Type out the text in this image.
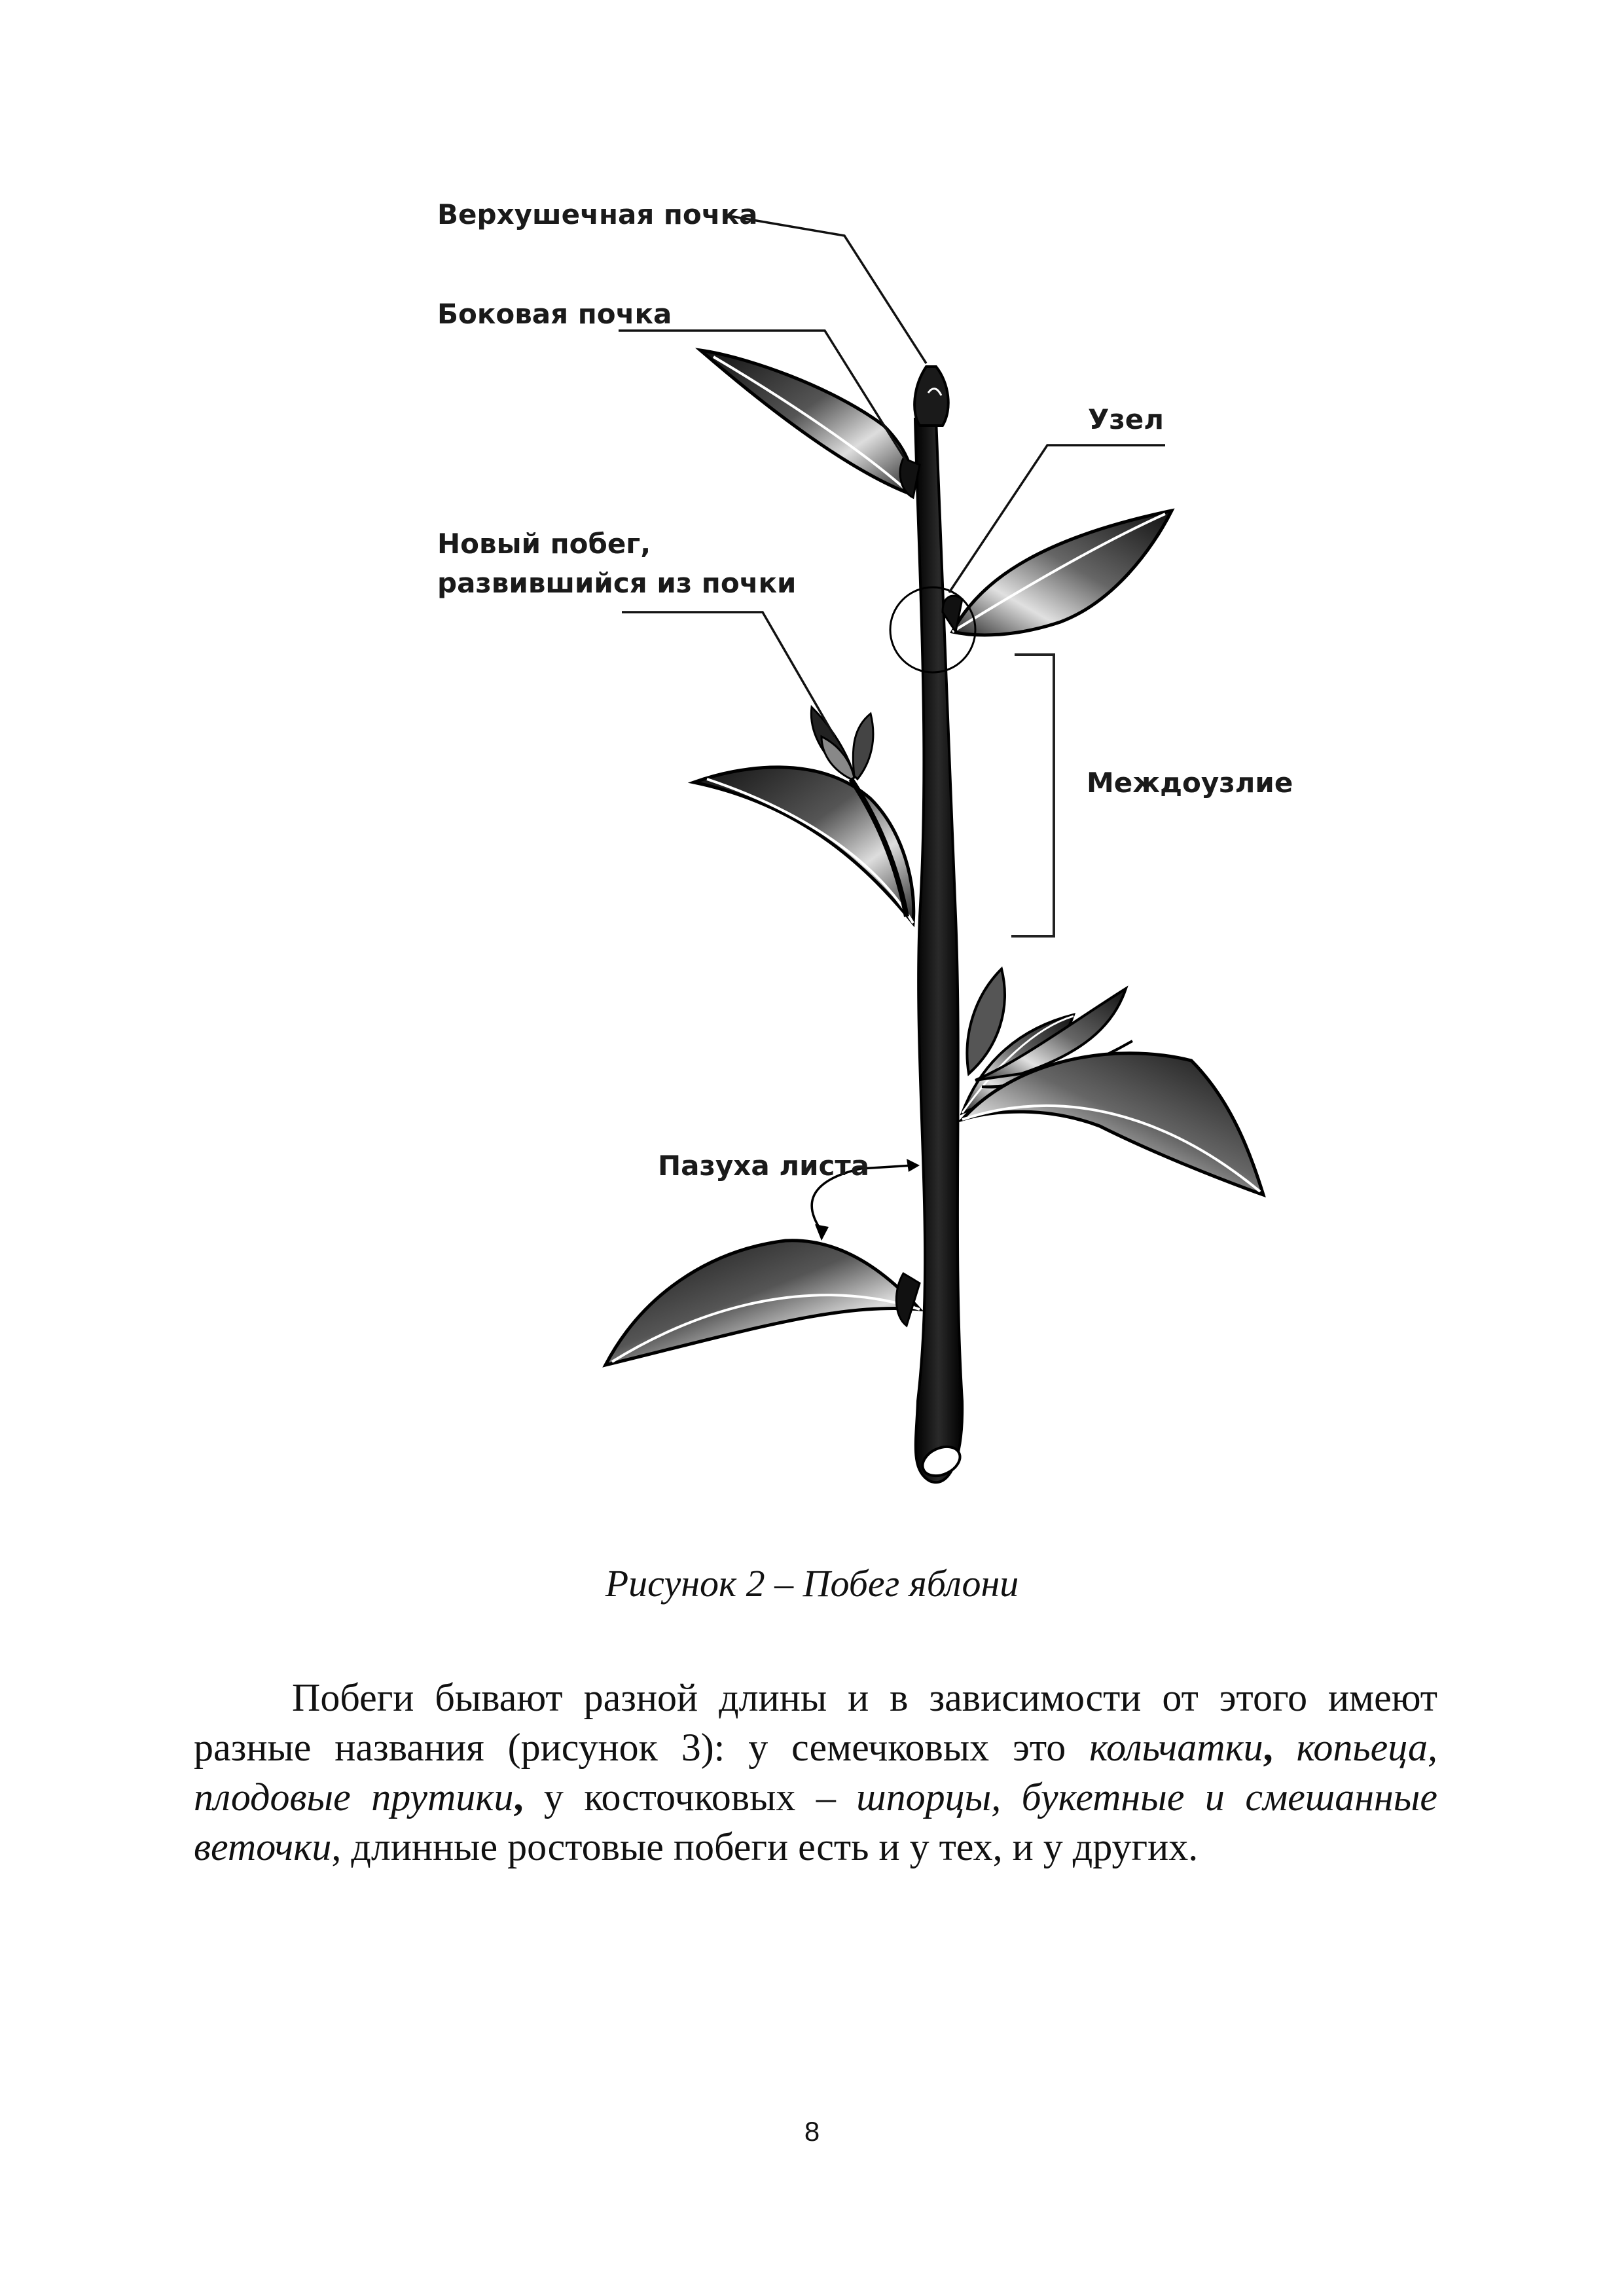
Верхушечная почка
Боковая почка
Узел
Новый побег,
развившийся из почки
Междоузлие
Пазуха листа
Рисунок 2 – Побег яблони

Побеги бывают разной длины и в зависимости от этого имеют разные названия (рисунок 3): у семечковых это кольчатки, копьеца, плодовые прутики, у косточковых – шпорцы, букетные и смешанные веточки, длинные ростовые побеги есть и у тех, и у других.

8
